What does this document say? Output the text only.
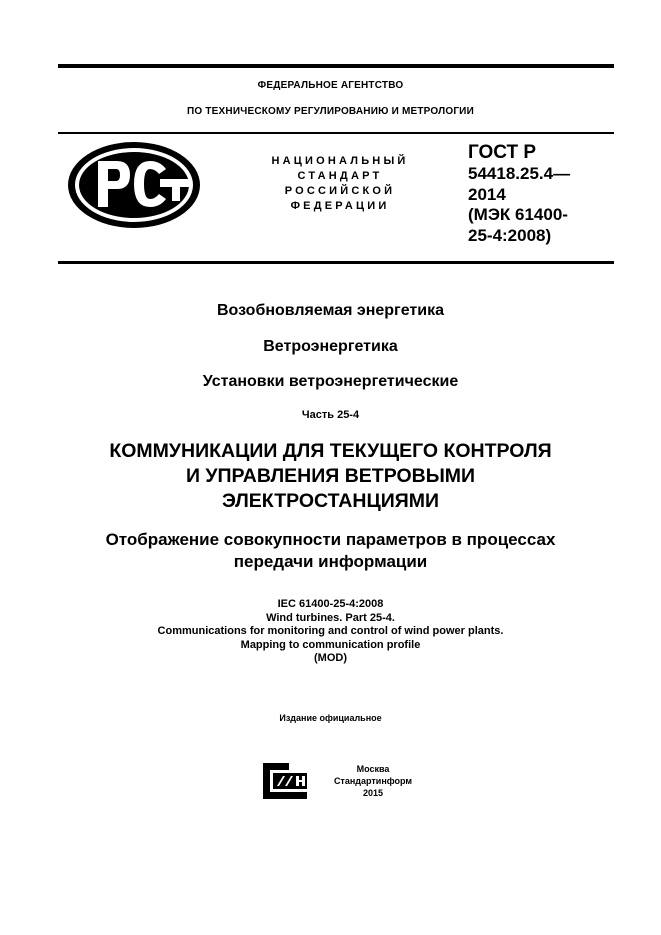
ФЕДЕРАЛЬНОЕ АГЕНТСТВО
ПО ТЕХНИЧЕСКОМУ РЕГУЛИРОВАНИЮ И МЕТРОЛОГИИ
НАЦИОНАЛЬНЫЙ
СТАНДАРТ
РОССИЙСКОЙ
ФЕДЕРАЦИИ
ГОСТ Р
54418.25.4—
2014
(МЭК 61400-
25-4:2008)
Возобновляемая энергетика
Ветроэнергетика
Установки ветроэнергетические
Часть 25-4
КОММУНИКАЦИИ ДЛЯ ТЕКУЩЕГО КОНТРОЛЯ
И УПРАВЛЕНИЯ ВЕТРОВЫМИ
ЭЛЕКТРОСТАНЦИЯМИ
Отображение совокупности параметров в процессах
передачи информации
IEC 61400-25-4:2008
Wind turbines. Part 25-4.
Communications for monitoring and control of wind power plants.
Mapping to communication profile
(MOD)
Издание официальное
Москва
Стандартинформ
2015
